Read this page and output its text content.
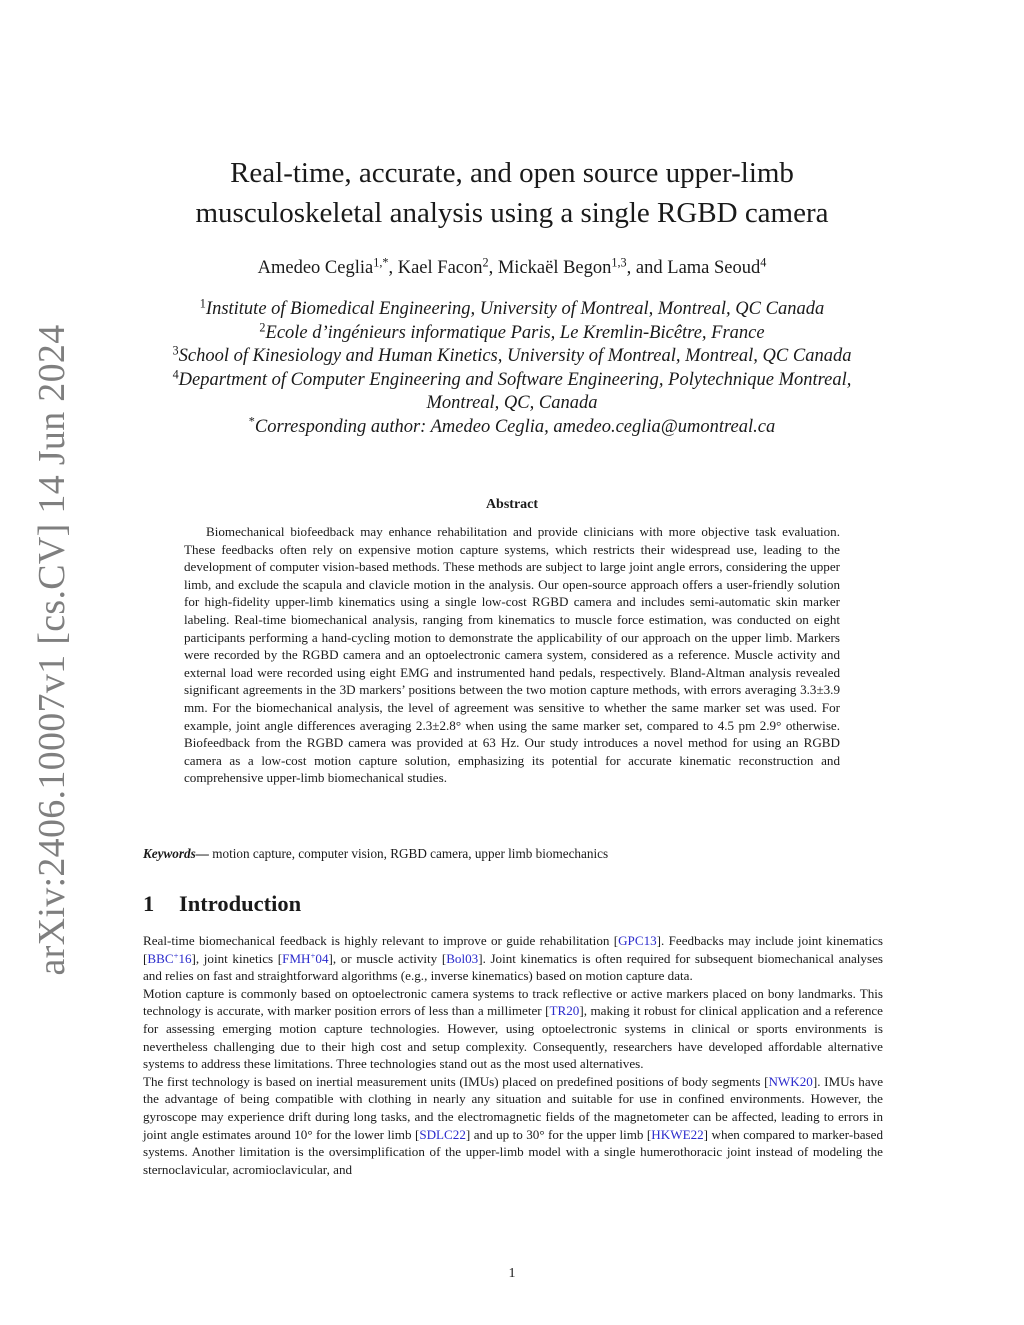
arXiv:2406.10007v1 [cs.CV] 14 Jun 2024
Real-time, accurate, and open source upper-limb
musculoskeletal analysis using a single RGBD camera
Amedeo Ceglia$^{1,*}$, Kael Facon$^2$, Mickaël Begon$^{1,3}$, and Lama Seoud$^4$
$^1$Institute of Biomedical Engineering, University of Montreal, Montreal, QC Canada
$^2$Ecole d’ingénieurs informatique Paris, Le Kremlin-Bicêtre, France
$^3$School of Kinesiology and Human Kinetics, University of Montreal, Montreal, QC Canada
$^4$Department of Computer Engineering and Software Engineering, Polytechnique Montreal,
Montreal, QC, Canada
*Corresponding author: Amedeo Ceglia, amedeo.ceglia@umontreal.ca
Abstract

Biomechanical biofeedback may enhance rehabilitation and provide clinicians with more objective task evaluation. These feedbacks often rely on expensive motion capture systems, which restricts their widespread use, leading to the development of computer vision-based methods. These methods are subject to large joint angle errors, considering the upper limb, and exclude the scapula and clavicle motion in the analysis. Our open-source approach offers a user-friendly solution for high-fidelity upper-limb kinematics using a single low-cost RGBD camera and includes semi-automatic skin marker labeling. Real-time biomechanical analysis, ranging from kinematics to muscle force estimation, was conducted on eight participants performing a hand-cycling motion to demonstrate the applicability of our approach on the upper limb. Markers were recorded by the RGBD camera and an optoelectronic camera system, considered as a reference. Muscle activity and external load were recorded using eight EMG and instrumented hand pedals, respectively. Bland-Altman analysis revealed significant agreements in the 3D markers’ positions between the two motion capture methods, with errors averaging 3.3±3.9 mm. For the biomechanical analysis, the level of agreement was sensitive to whether the same marker set was used. For example, joint angle differences averaging 2.3±2.8° when using the same marker set, compared to 4.5 pm 2.9° otherwise. Biofeedback from the RGBD camera was provided at 63 Hz. Our study introduces a novel method for using an RGBD camera as a low-cost motion capture solution, emphasizing its potential for accurate kinematic reconstruction and comprehensive upper-limb biomechanical studies.

Keywords— motion capture, computer vision, RGBD camera, upper limb biomechanics
1 Introduction

Real-time biomechanical feedback is highly relevant to improve or guide rehabilitation [GPC13]. Feedbacks may include joint kinematics [BBC+16], joint kinetics [FMH+04], or muscle activity [Bol03]. Joint kinematics is often required for subsequent biomechanical analyses and relies on fast and straightforward algorithms (e.g., inverse kinematics) based on motion capture data.

Motion capture is commonly based on optoelectronic camera systems to track reflective or active markers placed on bony landmarks. This technology is accurate, with marker position errors of less than a millimeter [TR20], making it robust for clinical application and a reference for assessing emerging motion capture technologies. However, using optoelectronic systems in clinical or sports environments is nevertheless challenging due to their high cost and setup complexity. Consequently, researchers have developed affordable alternative systems to address these limitations. Three technologies stand out as the most used alternatives.

The first technology is based on inertial measurement units (IMUs) placed on predefined positions of body segments [NWK20]. IMUs have the advantage of being compatible with clothing in nearly any situation and suitable for use in confined environments. However, the gyroscope may experience drift during long tasks, and the electromagnetic fields of the magnetometer can be affected, leading to errors in joint angle estimates around 10° for the lower limb [SDLC22] and up to 30° for the upper limb [HKWE22] when compared to marker-based systems. Another limitation is the oversimplification of the upper-limb model with a single humerothoracic joint instead of modeling the sternoclavicular, acromioclavicular, and

1
